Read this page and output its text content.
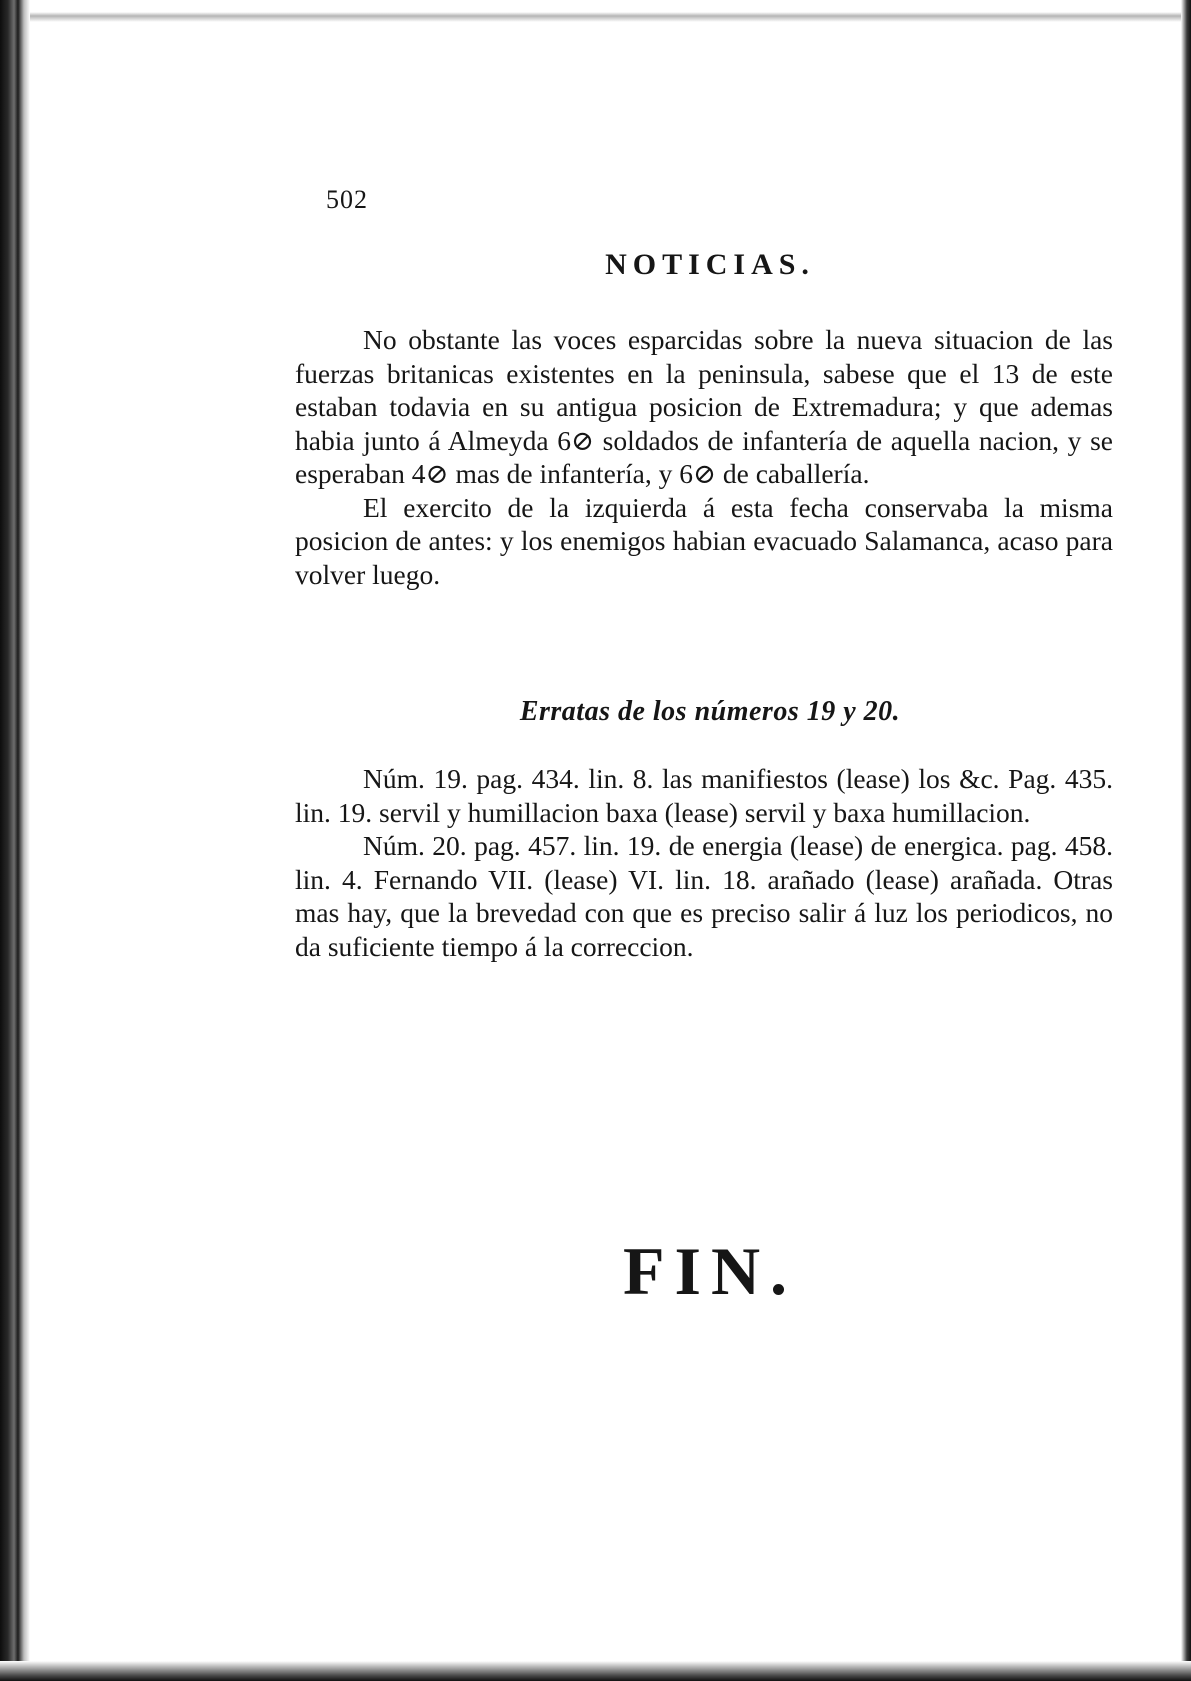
502
NOTICIAS.

No obstante las voces esparcidas sobre la nueva situacion de las fuerzas britanicas existentes en la peninsula, sabese que el 13 de este estaban todavia en su antigua posicion de Extremadura; y que ademas habia junto á Almeyda 6⊘ soldados de infantería de aquella nacion, y se esperaban 4⊘ mas de infantería, y 6⊘ de caballería.

El exercito de la izquierda á esta fecha conservaba la misma posicion de antes: y los enemigos habian evacuado Salamanca, acaso para volver luego.

Erratas de los números 19 y 20.

Núm. 19. pag. 434. lin. 8. las manifiestos (lease) los &c. Pag. 435. lin. 19. servil y humillacion baxa (lease) servil y baxa humillacion.

Núm. 20. pag. 457. lin. 19. de energia (lease) de energica. pag. 458. lin. 4. Fernando VII. (lease) VI. lin. 18. arañado (lease) arañada. Otras mas hay, que la brevedad con que es preciso salir á luz los periodicos, no da suficiente tiempo á la correccion.

FIN.
